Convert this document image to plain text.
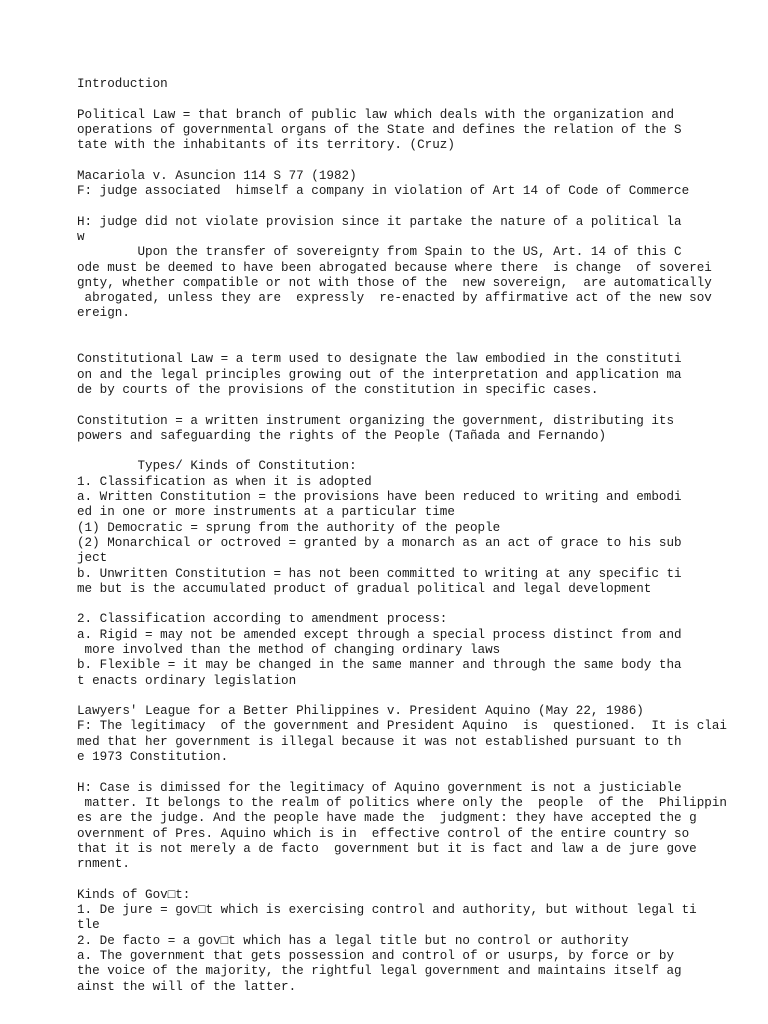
Introduction
Political Law = that branch of public law which deals with the organization and
operations of governmental organs of the State and defines the relation of the S
tate with the inhabitants of its territory. (Cruz)
Macariola v. Asuncion 114 S 77 (1982)
F: judge associated  himself a company in violation of Art 14 of Code of Commerce
H: judge did not violate provision since it partake the nature of a political la
w
Upon the transfer of sovereignty from Spain to the US, Art. 14 of this C
ode must be deemed to have been abrogated because where there  is change  of soverei
gnty, whether compatible or not with those of the  new sovereign,  are automatically
abrogated, unless they are  expressly  re-enacted by affirmative act of the new sov
ereign.
Constitutional Law = a term used to designate the law embodied in the constituti
on and the legal principles growing out of the interpretation and application ma
de by courts of the provisions of the constitution in specific cases.
Constitution = a written instrument organizing the government, distributing its
powers and safeguarding the rights of the People (Tañada and Fernando)
Types/ Kinds of Constitution:
1. Classification as when it is adopted
a. Written Constitution = the provisions have been reduced to writing and embodi
ed in one or more instruments at a particular time
(1) Democratic = sprung from the authority of the people
(2) Monarchical or octroved = granted by a monarch as an act of grace to his sub
ject
b. Unwritten Constitution = has not been committed to writing at any specific ti
me but is the accumulated product of gradual political and legal development
2. Classification according to amendment process:
a. Rigid = may not be amended except through a special process distinct from and
more involved than the method of changing ordinary laws
b. Flexible = it may be changed in the same manner and through the same body tha
t enacts ordinary legislation
Lawyers' League for a Better Philippines v. President Aquino (May 22, 1986)
F: The legitimacy  of the government and President Aquino  is  questioned.  It is clai
med that her government is illegal because it was not established pursuant to th
e 1973 Constitution.
H: Case is dimissed for the legitimacy of Aquino government is not a justiciable
matter. It belongs to the realm of politics where only the  people  of the  Philippin
es are the judge. And the people have made the  judgment: they have accepted the g
overnment of Pres. Aquino which is in  effective control of the entire country so
that it is not merely a de facto  government but it is fact and law a de jure gove
rnment.
Kinds of Gov□t:
1. De jure = gov□t which is exercising control and authority, but without legal ti
tle
2. De facto = a gov□t which has a legal title but no control or authority
a. The government that gets possession and control of or usurps, by force or by
the voice of the majority, the rightful legal government and maintains itself ag
ainst the will of the latter.
